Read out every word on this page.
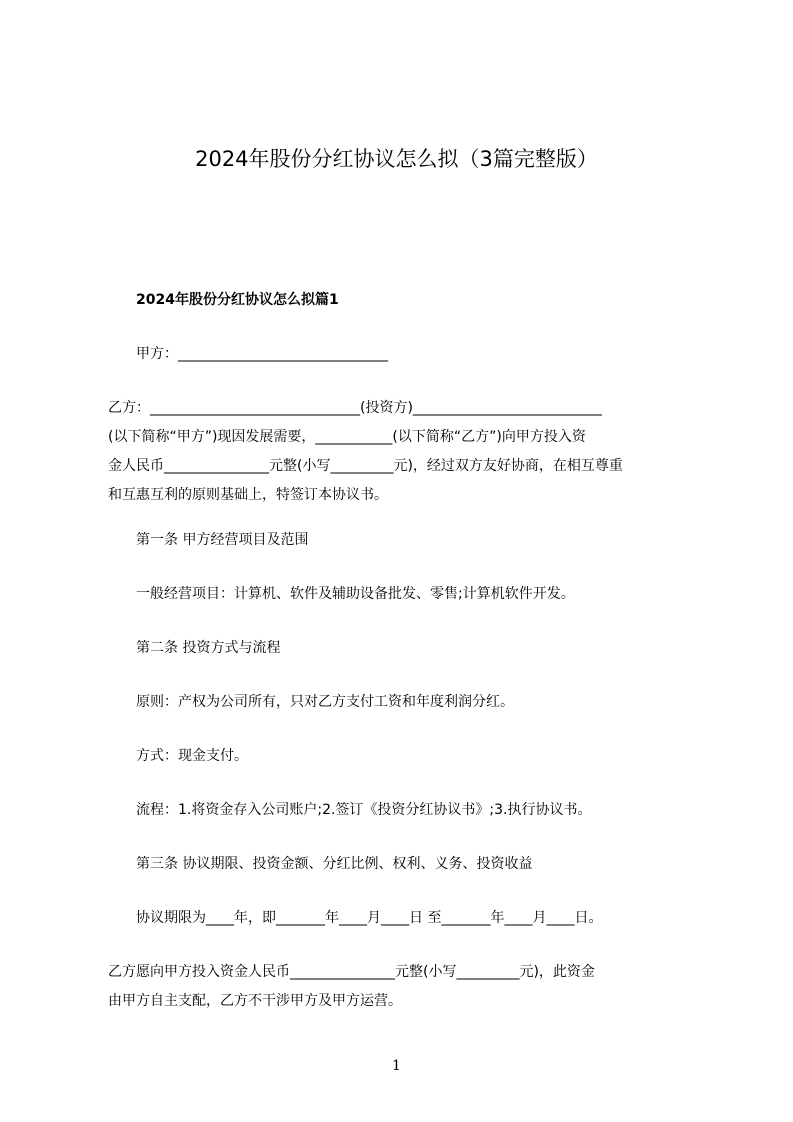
2024年股份分红协议怎么拟（3篇完整版）
2024年股份分红协议怎么拟篇1
甲方：______________________________
乙方：______________________________(投资方)___________________________
(以下简称“甲方”)现因发展需要，___________(以下简称“乙方”)向甲方投入资
金人民币_______________元整(小写_________元)，经过双方友好协商，在相互尊重
和互惠互利的原则基础上，特签订本协议书。
第一条 甲方经营项目及范围
一般经营项目：计算机、软件及辅助设备批发、零售;计算机软件开发。
第二条 投资方式与流程
原则：产权为公司所有，只对乙方支付工资和年度利润分红。
方式：现金支付。
流程：1.将资金存入公司账户;2.签订《投资分红协议书》;3.执行协议书。
第三条 协议期限、投资金额、分红比例、权利、义务、投资收益
协议期限为____年，即_______年____月____日 至_______年____月____日。
乙方愿向甲方投入资金人民币_______________元整(小写_________元)，此资金
由甲方自主支配，乙方不干涉甲方及甲方运营。
1
